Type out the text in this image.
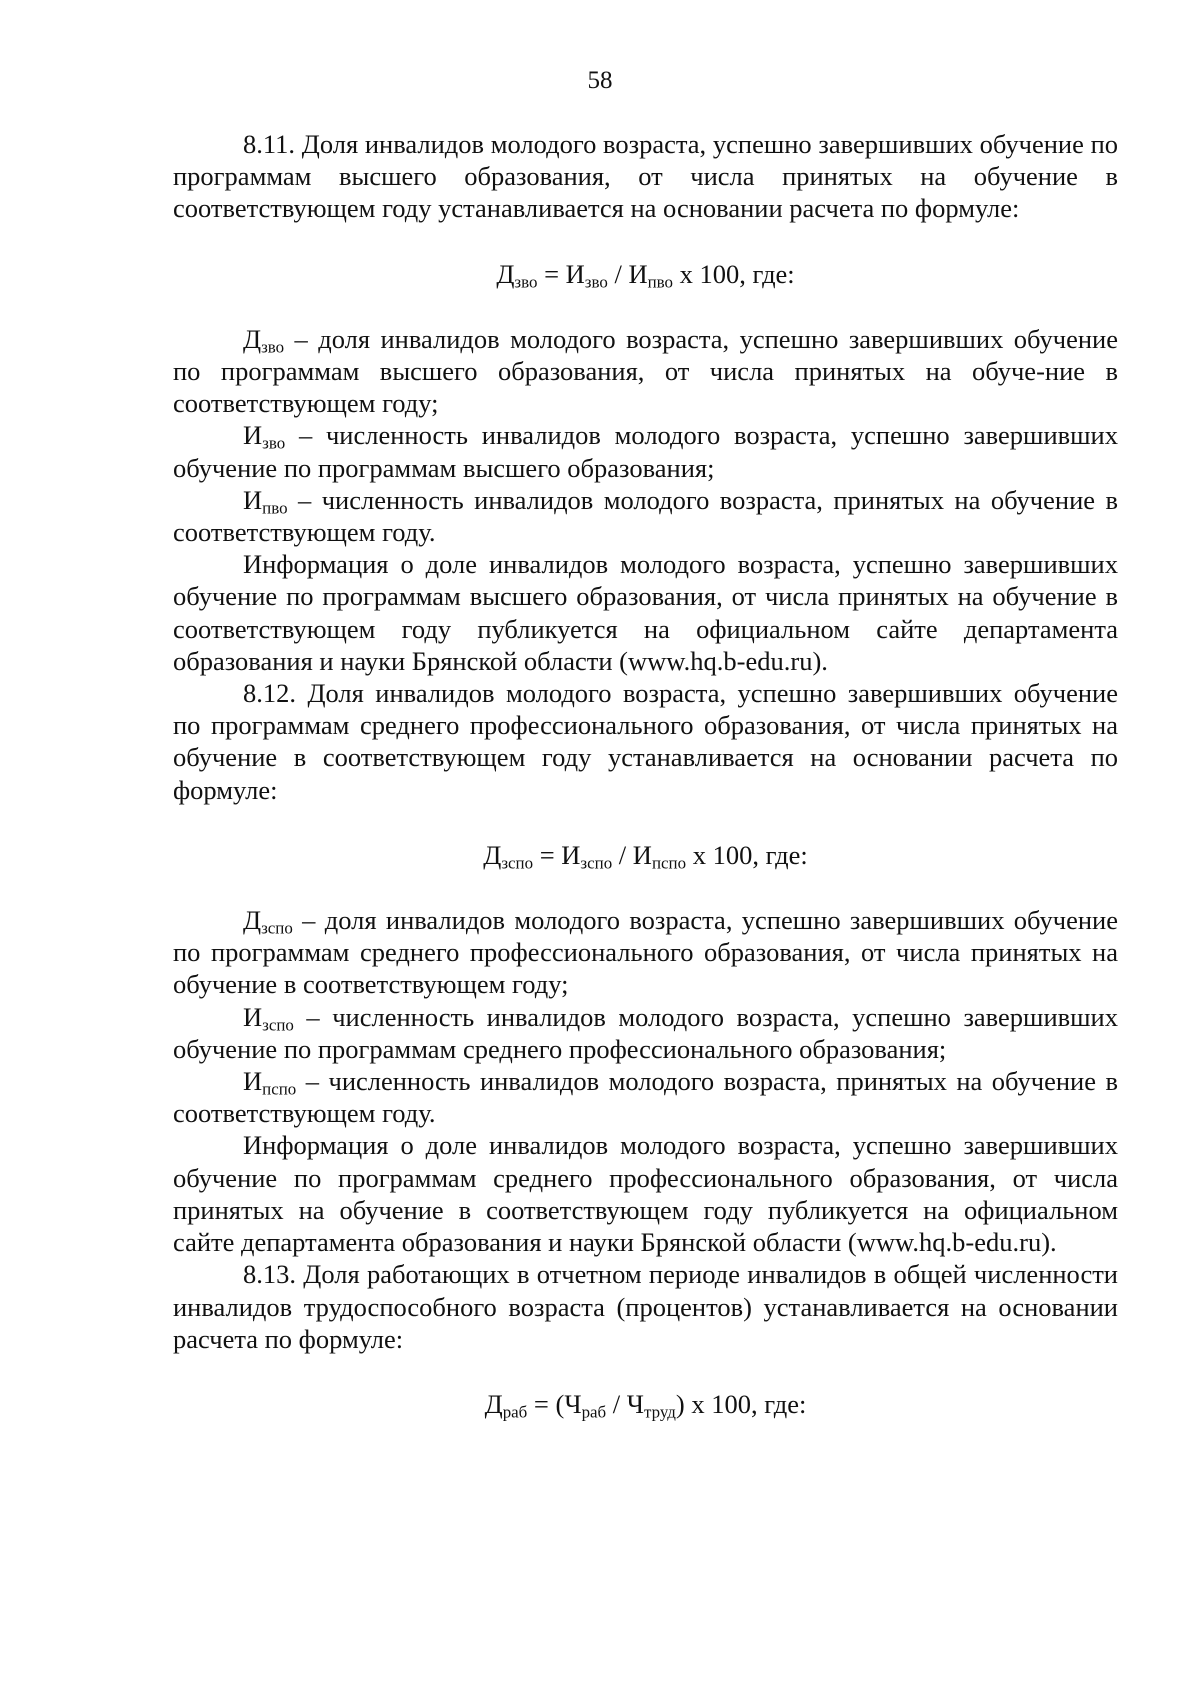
58

8.11. Доля инвалидов молодого возраста, успешно завершивших обучение по программам высшего образования, от числа принятых на обучение в соответствующем году устанавливается на основании расчета по формуле:

$Д_{зво} = И_{зво} / И_{пво}$ х 100, где:

$Д_{зво}$ – доля инвалидов молодого возраста, успешно завершивших обучение по программам высшего образования, от числа принятых на обуче-ние в соответствующем году;

$И_{зво}$ – численность инвалидов молодого возраста, успешно завершивших обучение по программам высшего образования;

$И_{пво}$ – численность инвалидов молодого возраста, принятых на обучение в соответствующем году.

Информация о доле инвалидов молодого возраста, успешно завершивших обучение по программам высшего образования, от числа принятых на обучение в соответствующем году публикуется на официальном сайте департамента образования и науки Брянской области (www.hq.b-edu.ru).

8.12. Доля инвалидов молодого возраста, успешно завершивших обучение по программам среднего профессионального образования, от числа принятых на обучение в соответствующем году устанавливается на основании расчета по формуле:

$Д_{зспо} = И_{зспо} / И_{пспо}$ х 100, где:

$Д_{зспо}$ – доля инвалидов молодого возраста, успешно завершивших обучение по программам среднего профессионального образования, от числа принятых на обучение в соответствующем году;

$И_{зспо}$ – численность инвалидов молодого возраста, успешно завершивших обучение по программам среднего профессионального образования;

$И_{пспо}$ – численность инвалидов молодого возраста, принятых на обучение в соответствующем году.

Информация о доле инвалидов молодого возраста, успешно завершивших обучение по программам среднего профессионального образования, от числа принятых на обучение в соответствующем году публикуется на официальном сайте департамента образования и науки Брянской области (www.hq.b-edu.ru).

8.13. Доля работающих в отчетном периоде инвалидов в общей численности инвалидов трудоспособного возраста (процентов) устанавливается на основании расчета по формуле:

$Д_{раб} = (Ч_{раб} / Ч_{труд})$ х 100, где:
